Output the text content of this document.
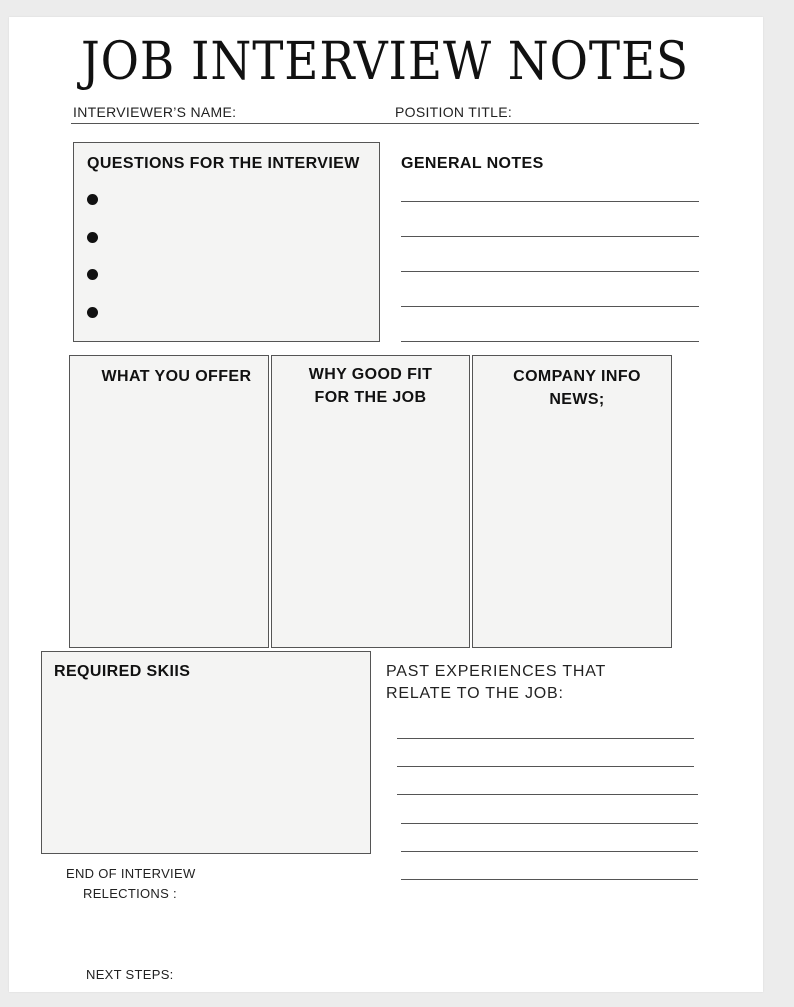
JOB INTERVIEW NOTES
INTERVIEWER’S NAME:	POSITION TITLE:
QUESTIONS FOR THE INTERVIEW	GENERAL NOTES
WHAT YOU OFFER	WHY GOOD FIT
FOR THE JOB
COMPANY INFO
NEWS;
REQUIRED SKIIS	PAST EXPERIENCES THAT
RELATE TO THE JOB:
END OF INTERVIEW
RELECTIONS :
NEXT STEPS:
